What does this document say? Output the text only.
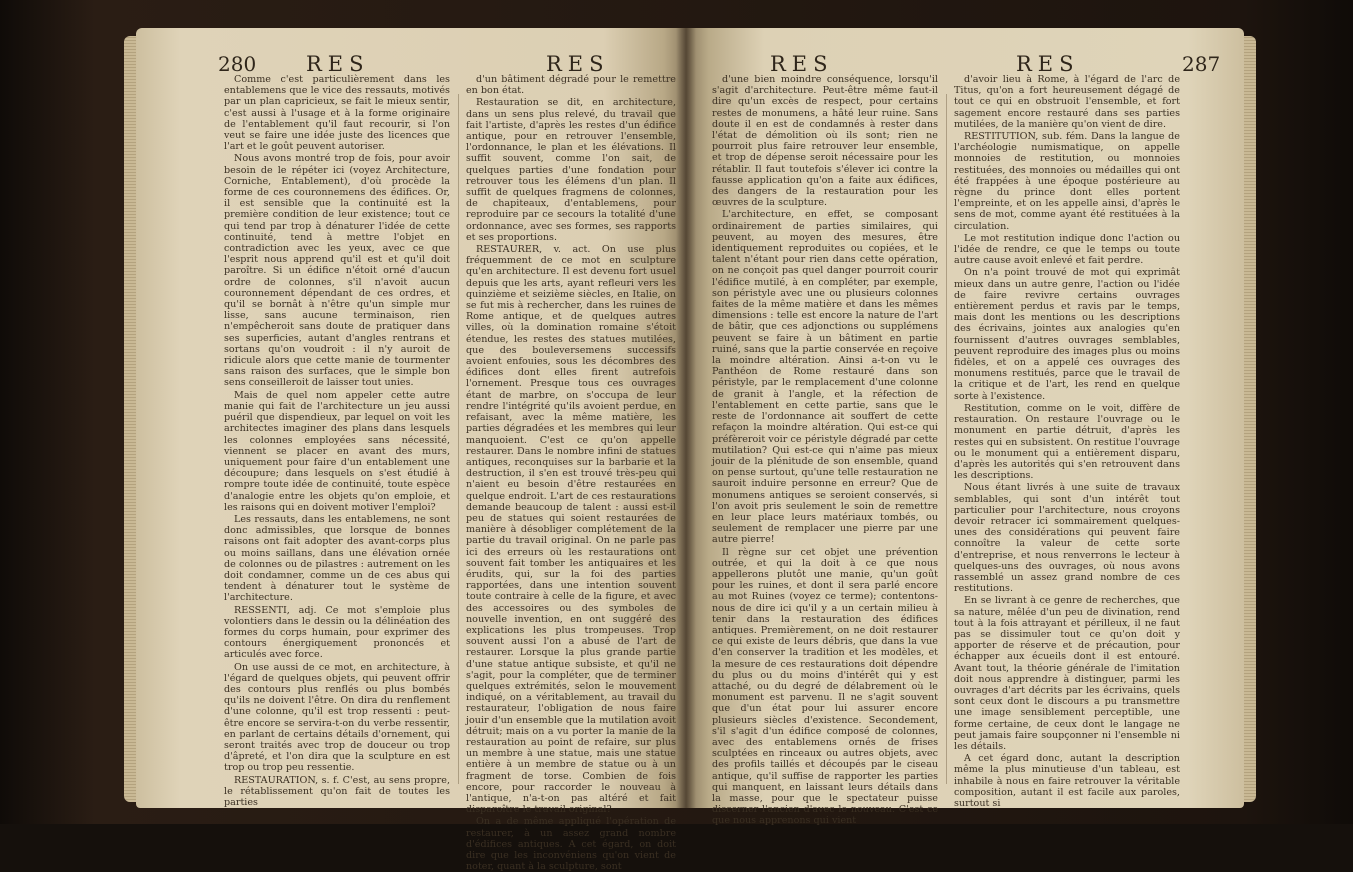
280 RES	RES

Comme c'est particulièrement dans les entablemens que le vice des ressauts, motivés par un plan capricieux, se fait le mieux sentir, c'est aussi à l'usage et à la forme originaire de l'entablement qu'il faut recourir, si l'on veut se faire une idée juste des licences que l'art et le goût peuvent autoriser.

Nous avons montré trop de fois, pour avoir besoin de le répéter ici (voyez Architecture, Corniche, Entablement), d'où procède la forme de ces couronnemens des édifices. Or, il est sensible que la continuité est la première condition de leur existence; tout ce qui tend par trop à dénaturer l'idée de cette continuité, tend à mettre l'objet en contradiction avec les yeux, avec ce que l'esprit nous apprend qu'il est et qu'il doit paroître. Si un édifice n'étoit orné d'aucun ordre de colonnes, s'il n'avoit aucun couronnement dépendant de ces ordres, et qu'il se bornât à n'être qu'un simple mur lisse, sans aucune terminaison, rien n'empêcheroit sans doute de pratiquer dans ses superficies, autant d'angles rentrans et sortans qu'on voudroit : il n'y auroit de ridicule alors que cette manie de tourmenter sans raison des surfaces, que le simple bon sens conseilleroit de laisser tout unies.

Mais de quel nom appeler cette autre manie qui fait de l'architecture un jeu aussi puéril que dispendieux, par lequel on voit les architectes imaginer des plans dans lesquels les colonnes employées sans nécessité, viennent se placer en avant des murs, uniquement pour faire d'un entablement une découpure; dans lesquels on s'est étudié à rompre toute idée de continuité, toute espèce d'analogie entre les objets qu'on emploie, et les raisons qui en doivent motiver l'emploi?

Les ressauts, dans les entablemens, ne sont donc admissibles, que lorsque de bonnes raisons ont fait adopter des avant-corps plus ou moins saillans, dans une élévation ornée de colonnes ou de pilastres : autrement on les doit condamner, comme un de ces abus qui tendent à dénaturer tout le système de l'architecture.

RESSENTI, adj. Ce mot s'emploie plus volontiers dans le dessin ou la délinéation des formes du corps humain, pour exprimer des contours énergiquement prononcés et articulés avec force.

On use aussi de ce mot, en architecture, à l'égard de quelques objets, qui peuvent offrir des contours plus renflés ou plus bombés qu'ils ne doivent l'être. On dira du renflement d'une colonne, qu'il est trop ressenti : peut-être encore se servira-t-on du verbe ressentir, en parlant de certains détails d'ornement, qui seront traités avec trop de douceur ou trop d'âpreté, et l'on dira que la sculpture en est trop ou trop peu ressentie.

RESTAURATION, s. f. C'est, au sens propre, le rétablissement qu'on fait de toutes les parties

d'un bâtiment dégradé pour le remettre en bon état.

Restauration se dit, en architecture, dans un sens plus relevé, du travail que fait l'artiste, d'après les restes d'un édifice antique, pour en retrouver l'ensemble, l'ordonnance, le plan et les élévations. Il suffit souvent, comme l'on sait, de quelques parties d'une fondation pour retrouver tous les élémens d'un plan. Il suffit de quelques fragmens de colonnes, de chapiteaux, d'entablemens, pour reproduire par ce secours la totalité d'une ordonnance, avec ses formes, ses rapports et ses proportions.

RESTAURER, v. act. On use plus fréquemment de ce mot en sculpture qu'en architecture. Il est devenu fort usuel depuis que les arts, ayant refleuri vers les quinzième et seizième siècles, en Italie, on se fut mis à rechercher, dans les ruines de Rome antique, et de quelques autres villes, où la domination romaine s'étoit étendue, les restes des statues mutilées, que des bouleversemens successifs avoient enfouies, sous les décombres des édifices dont elles firent autrefois l'ornement. Presque tous ces ouvrages étant de marbre, on s'occupa de leur rendre l'intégrité qu'ils avoient perdue, en refaisant, avec la même matière, les parties dégradées et les membres qui leur manquoient. C'est ce qu'on appelle restaurer. Dans le nombre infini de statues antiques, reconquises sur la barbarie et la destruction, il s'en est trouvé très-peu qui n'aient eu besoin d'être restaurées en quelque endroit. L'art de ces restaurations demande beaucoup de talent : aussi est-il peu de statues qui soient restaurées de manière à désobliger complétement de la partie du travail original. On ne parle pas ici des erreurs où les restaurations ont souvent fait tomber les antiquaires et les érudits, qui, sur la foi des parties rapportées, dans une intention souvent toute contraire à celle de la figure, et avec des accessoires ou des symboles de nouvelle invention, en ont suggéré des explications les plus trompeuses. Trop souvent aussi l'on a abusé de l'art de restaurer. Lorsque la plus grande partie d'une statue antique subsiste, et qu'il ne s'agit, pour la compléter, que de terminer quelques extrémités, selon le mouvement indiqué, on a véritablement, au travail du restaurateur, l'obligation de nous faire jouir d'un ensemble que la mutilation avoit détruit; mais on a vu porter la manie de la restauration au point de refaire, sur plus un membre à une statue, mais une statue entière à un membre de statue ou à un fragment de torse. Combien de fois encore, pour raccorder le nouveau à l'antique, n'a-t-on pas altéré et fait disparoître le travail original?

On a de même appliqué l'opération de restaurer, à un assez grand nombre d'édifices antiques. A cet égard, on doit dire que les inconvéniens qu'on vient de noter, quant à la sculpture, sont

RES	RES	287

d'une bien moindre conséquence, lorsqu'il s'agit d'architecture. Peut-être même faut-il dire qu'un excès de respect, pour certains restes de monumens, a hâté leur ruine. Sans doute il en est de condamnés à rester dans l'état de démolition où ils sont; rien ne pourroit plus faire retrouver leur ensemble, et trop de dépense seroit nécessaire pour les rétablir. Il faut toutefois s'élever ici contre la fausse application qu'on a faite aux édifices, des dangers de la restauration pour les œuvres de la sculpture.

L'architecture, en effet, se composant ordinairement de parties similaires, qui peuvent, au moyen des mesures, être identiquement reproduites ou copiées, et le talent n'étant pour rien dans cette opération, on ne conçoit pas quel danger pourroit courir l'édifice mutilé, à en compléter, par exemple, son péristyle avec une ou plusieurs colonnes faites de la même matière et dans les mêmes dimensions : telle est encore la nature de l'art de bâtir, que ces adjonctions ou supplémens peuvent se faire à un bâtiment en partie ruiné, sans que la partie conservée en reçoive la moindre altération. Ainsi a-t-on vu le Panthéon de Rome restauré dans son péristyle, par le remplacement d'une colonne de granit à l'angle, et la réfection de l'entablement en cette partie, sans que le reste de l'ordonnance ait souffert de cette refaçon la moindre altération. Qui est-ce qui préfèreroit voir ce péristyle dégradé par cette mutilation? Qui est-ce qui n'aime pas mieux jouir de la plénitude de son ensemble, quand on pense surtout, qu'une telle restauration ne sauroit induire personne en erreur? Que de monumens antiques se seroient conservés, si l'on avoit pris seulement le soin de remettre en leur place leurs matériaux tombés, ou seulement de remplacer une pierre par une autre pierre!

Il règne sur cet objet une prévention outrée, et qui la doit à ce que nous appellerons plutôt une manie, qu'un goût pour les ruines, et dont il sera parlé encore au mot Ruines (voyez ce terme); contentons-nous de dire ici qu'il y a un certain milieu à tenir dans la restauration des édifices antiques. Premièrement, on ne doit restaurer ce qui existe de leurs débris, que dans la vue d'en conserver la tradition et les modèles, et la mesure de ces restaurations doit dépendre du plus ou du moins d'intérêt qui y est attaché, ou du degré de délabrement où le monument est parvenu. Il ne s'agit souvent que d'un état pour lui assurer encore plusieurs siècles d'existence. Secondement, s'il s'agit d'un édifice composé de colonnes, avec des entablemens ornés de frises sculptées en rinceaux ou autres objets, avec des profils taillés et découpés par le ciseau antique, qu'il suffise de rapporter les parties qui manquent, en laissant leurs détails dans la masse, pour que le spectateur puisse discerner l'ancien d'avec le nouveau. C'est ce que nous apprenons qui vient

d'avoir lieu à Rome, à l'égard de l'arc de Titus, qu'on a fort heureusement dégagé de tout ce qui en obstruoit l'ensemble, et fort sagement encore restauré dans ses parties mutilées, de la manière qu'on vient de dire.

RESTITUTION, sub. fém. Dans la langue de l'archéologie numismatique, on appelle monnoies de restitution, ou monnoies restituées, des monnoies ou médailles qui ont été frappées à une époque postérieure au règne du prince dont elles portent l'empreinte, et on les appelle ainsi, d'après le sens de mot, comme ayant été restituées à la circulation.

Le mot restitution indique donc l'action ou l'idée de rendre, ce que le temps ou toute autre cause avoit enlevé et fait perdre.

On n'a point trouvé de mot qui exprimât mieux dans un autre genre, l'action ou l'idée de faire revivre certains ouvrages entièrement perdus et ravis par le temps, mais dont les mentions ou les descriptions des écrivains, jointes aux analogies qu'en fournissent d'autres ouvrages semblables, peuvent reproduire des images plus ou moins fidèles, et on a appelé ces ouvrages des monumens restitués, parce que le travail de la critique et de l'art, les rend en quelque sorte à l'existence.

Restitution, comme on le voit, diffère de restauration. On restaure l'ouvrage ou le monument en partie détruit, d'après les restes qui en subsistent. On restitue l'ouvrage ou le monument qui a entièrement disparu, d'après les autorités qui s'en retrouvent dans les descriptions.

Nous étant livrés à une suite de travaux semblables, qui sont d'un intérêt tout particulier pour l'architecture, nous croyons devoir retracer ici sommairement quelques-unes des considérations qui peuvent faire connoître la valeur de cette sorte d'entreprise, et nous renverrons le lecteur à quelques-uns des ouvrages, où nous avons rassemblé un assez grand nombre de ces restitutions.

En se livrant à ce genre de recherches, que sa nature, mêlée d'un peu de divination, rend tout à la fois attrayant et périlleux, il ne faut pas se dissimuler tout ce qu'on doit y apporter de réserve et de précaution, pour échapper aux écueils dont il est entouré. Avant tout, la théorie générale de l'imitation doit nous apprendre à distinguer, parmi les ouvrages d'art décrits par les écrivains, quels sont ceux dont le discours a pu transmettre une image sensiblement perceptible, une forme certaine, de ceux dont le langage ne peut jamais faire soupçonner ni l'ensemble ni les détails.

A cet égard donc, autant la description même la plus minutieuse d'un tableau, est inhabile à nous en faire retrouver la véritable composition, autant il est facile aux paroles, surtout si
